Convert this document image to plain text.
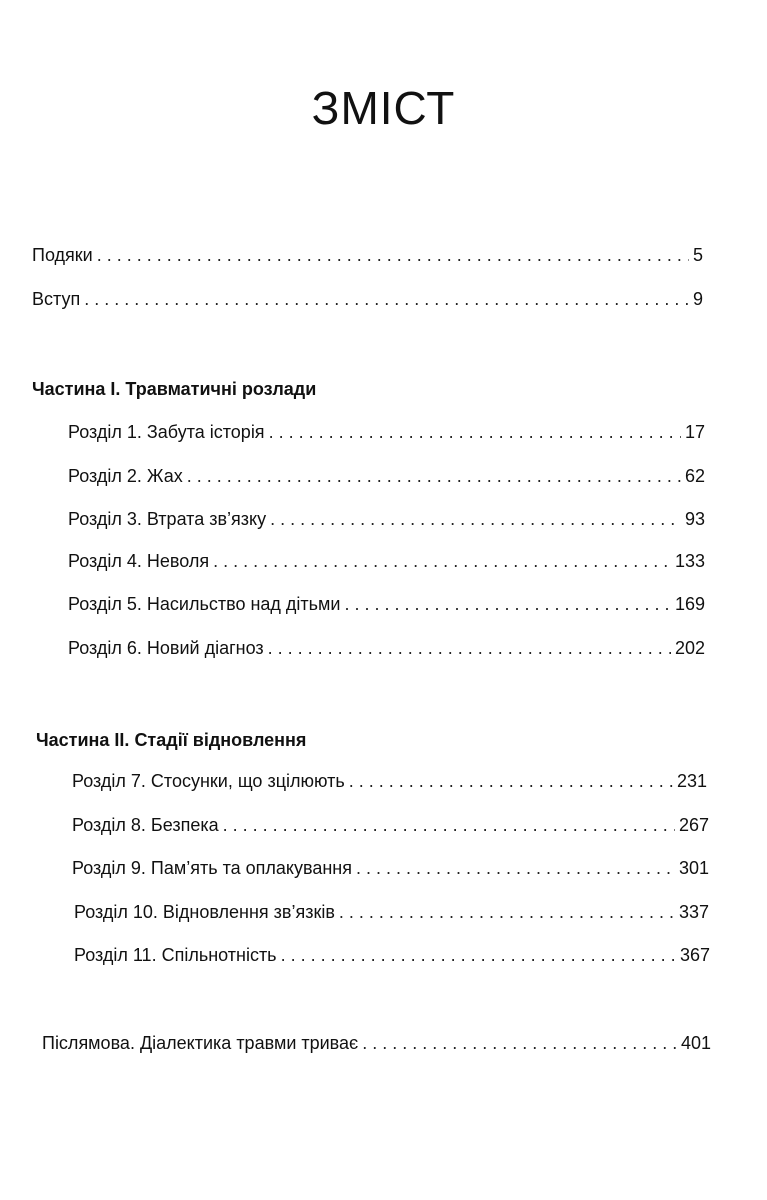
ЗМІСТ
Подяки . . .	5
Вступ . . .	9
Частина I. Травматичні розлади
Розділ 1. Забута історія . . .	17
Розділ 2. Жах . . .	62
Розділ 3. Втрата зв’язку . . .	93
Розділ 4. Неволя . . .	133
Розділ 5. Насильство над дітьми . . .	169
Розділ 6. Новий діагноз . . .	202
Частина II. Стадії відновлення
Розділ 7. Стосунки, що зцілюють . . .	231
Розділ 8. Безпека . . .	267
Розділ 9. Пам’ять та оплакування . . .	301
Розділ 10. Відновлення зв’язків . . .	337
Розділ 11. Спільнотність . . .	367
Післямова. Діалектика травми триває . . .	401
